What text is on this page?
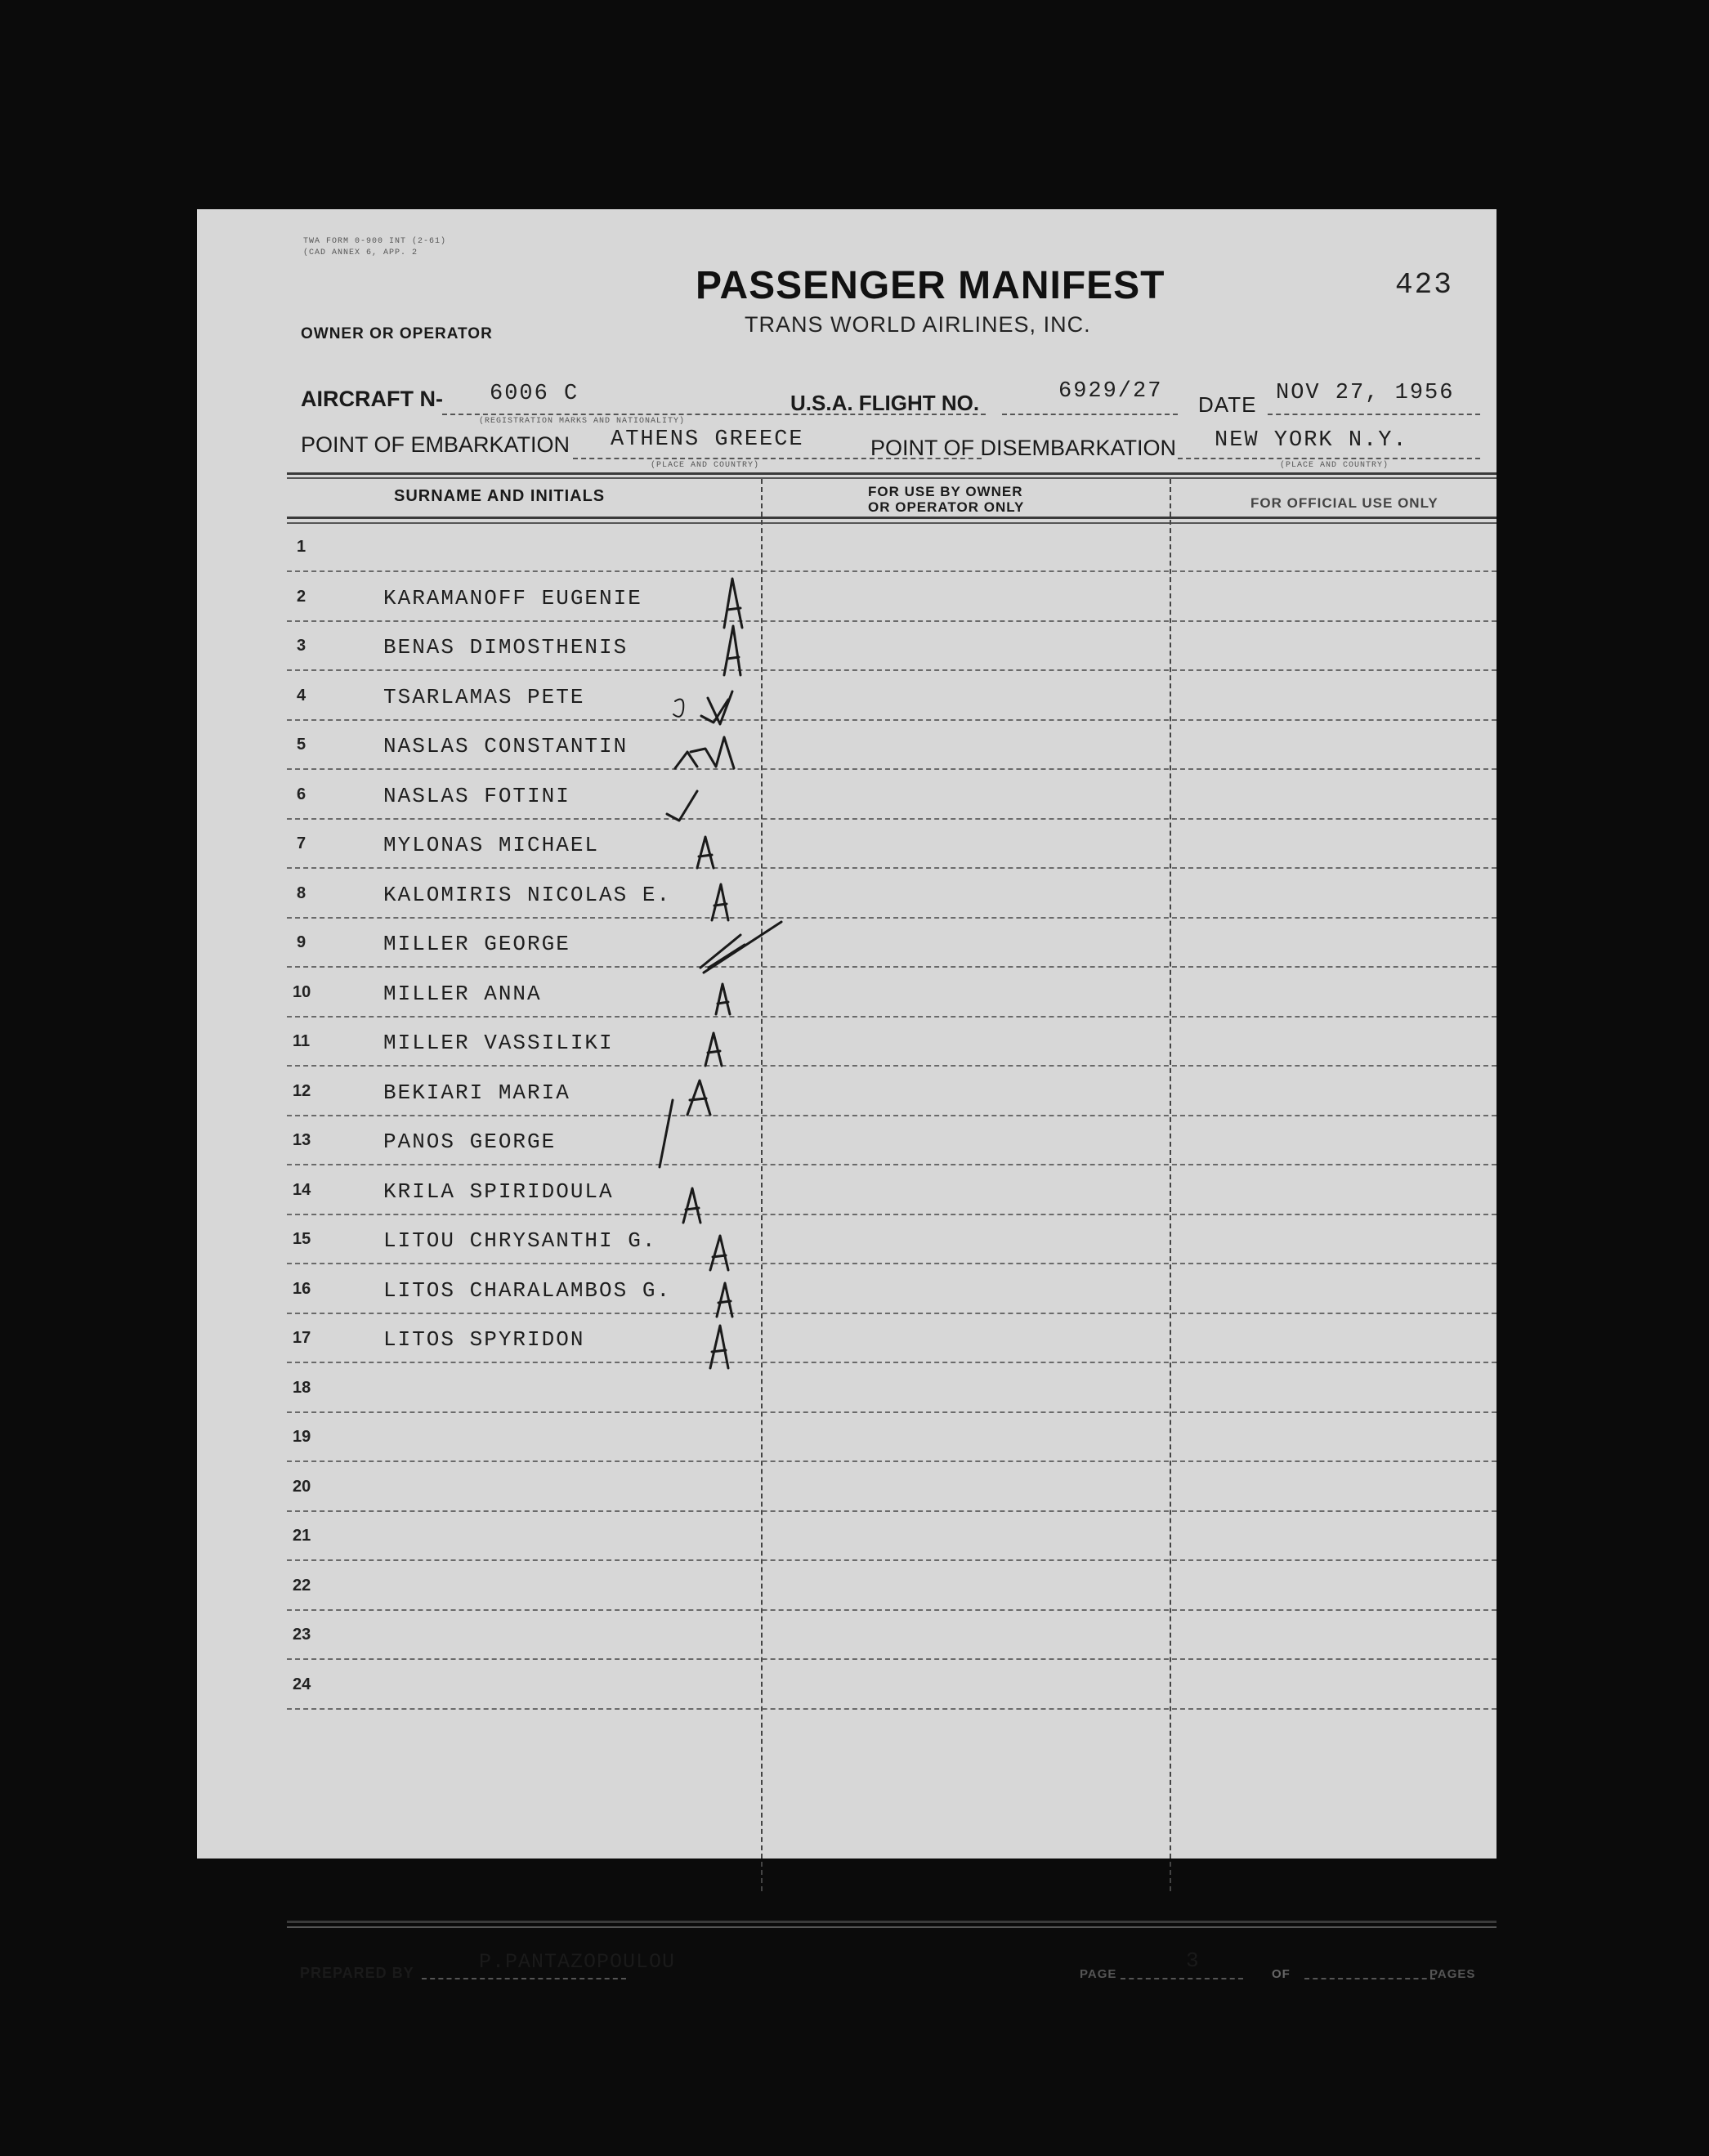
TWA FORM 0-900 INT (2-61)
(CAD ANNEX 6, APP. 2
PASSENGER MANIFEST
TRANS WORLD AIRLINES, INC.
423
OWNER OR OPERATOR
AIRCRAFT N- 6006 C
(REGISTRATION MARKS AND NATIONALITY)
U.S.A. FLIGHT NO.	6929/27
DATE NOV 27, 1956
POINT OF EMBARKATION ATHENS GREECE
(PLACE AND COUNTRY)
POINT OF DISEMBARKATION NEW YORK N.Y.
(PLACE AND COUNTRY)
SURNAME AND INITIALS	FOR USE BY OWNER
OR OPERATOR ONLY	FOR OFFICIAL USE ONLY
1
2	KARAMANOFF EUGENIE
3	BENAS DIMOSTHENIS
4	TSARLAMAS PETE
5	NASLAS CONSTANTIN
6	NASLAS FOTINI
7	MYLONAS MICHAEL
8	KALOMIRIS NICOLAS E.
9	MILLER GEORGE
10	MILLER ANNA
11	MILLER VASSILIKI
12	BEKIARI MARIA
13	PANOS GEORGE
14	KRILA SPIRIDOULA
15	LITOU CHRYSANTHI G.
16	LITOS CHARALAMBOS G.
17	LITOS SPYRIDON
18
19
20
21
22
23
24
PREPARED BY	P.PANTAZOPOULOU
PAGE
3
OF	PAGES
